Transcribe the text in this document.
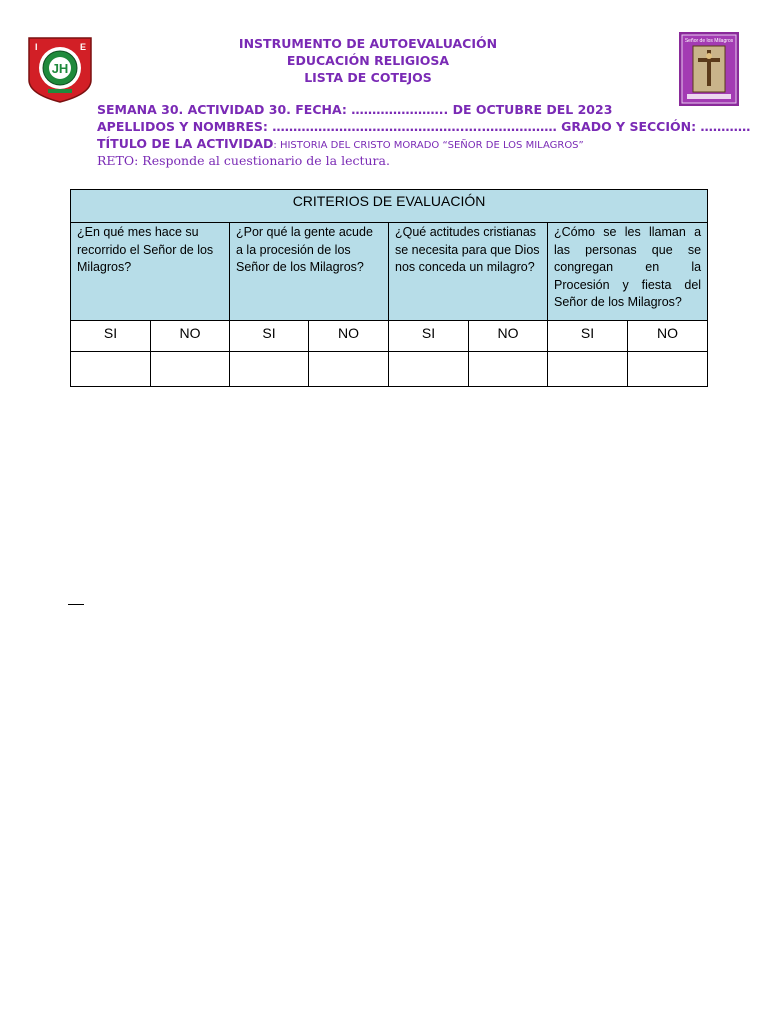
I	E
JH
Señor de los Milagros
INSTRUMENTO DE AUTOEVALUACIÓN
EDUCACIÓN RELIGIOSA
LISTA DE COTEJOS
SEMANA 30. ACTIVIDAD 30. FECHA: ………………….. DE OCTUBRE DEL 2023
APELLIDOS Y NOMBRES: ……………………………………….….……………… GRADO Y SECCIÓN: …………
TÍTULO DE LA ACTIVIDAD: HISTORIA DEL CRISTO MORADO “SEÑOR DE LOS MILAGROS”
RETO: Responde al cuestionario de la lectura.
CRITERIOS DE EVALUACIÓN							
¿En qué mes hace su recorrido el Señor de los Milagros?		¿Por qué la gente acude a la procesión de los Señor de los Milagros?		¿Qué actitudes cristianas se necesita para que Dios nos conceda un milagro?		¿Cómo se les llaman a las personas que se congregan en la Procesión y fiesta del Señor de los Milagros?	
SI	NO	SI	NO	SI	NO	SI	NO
